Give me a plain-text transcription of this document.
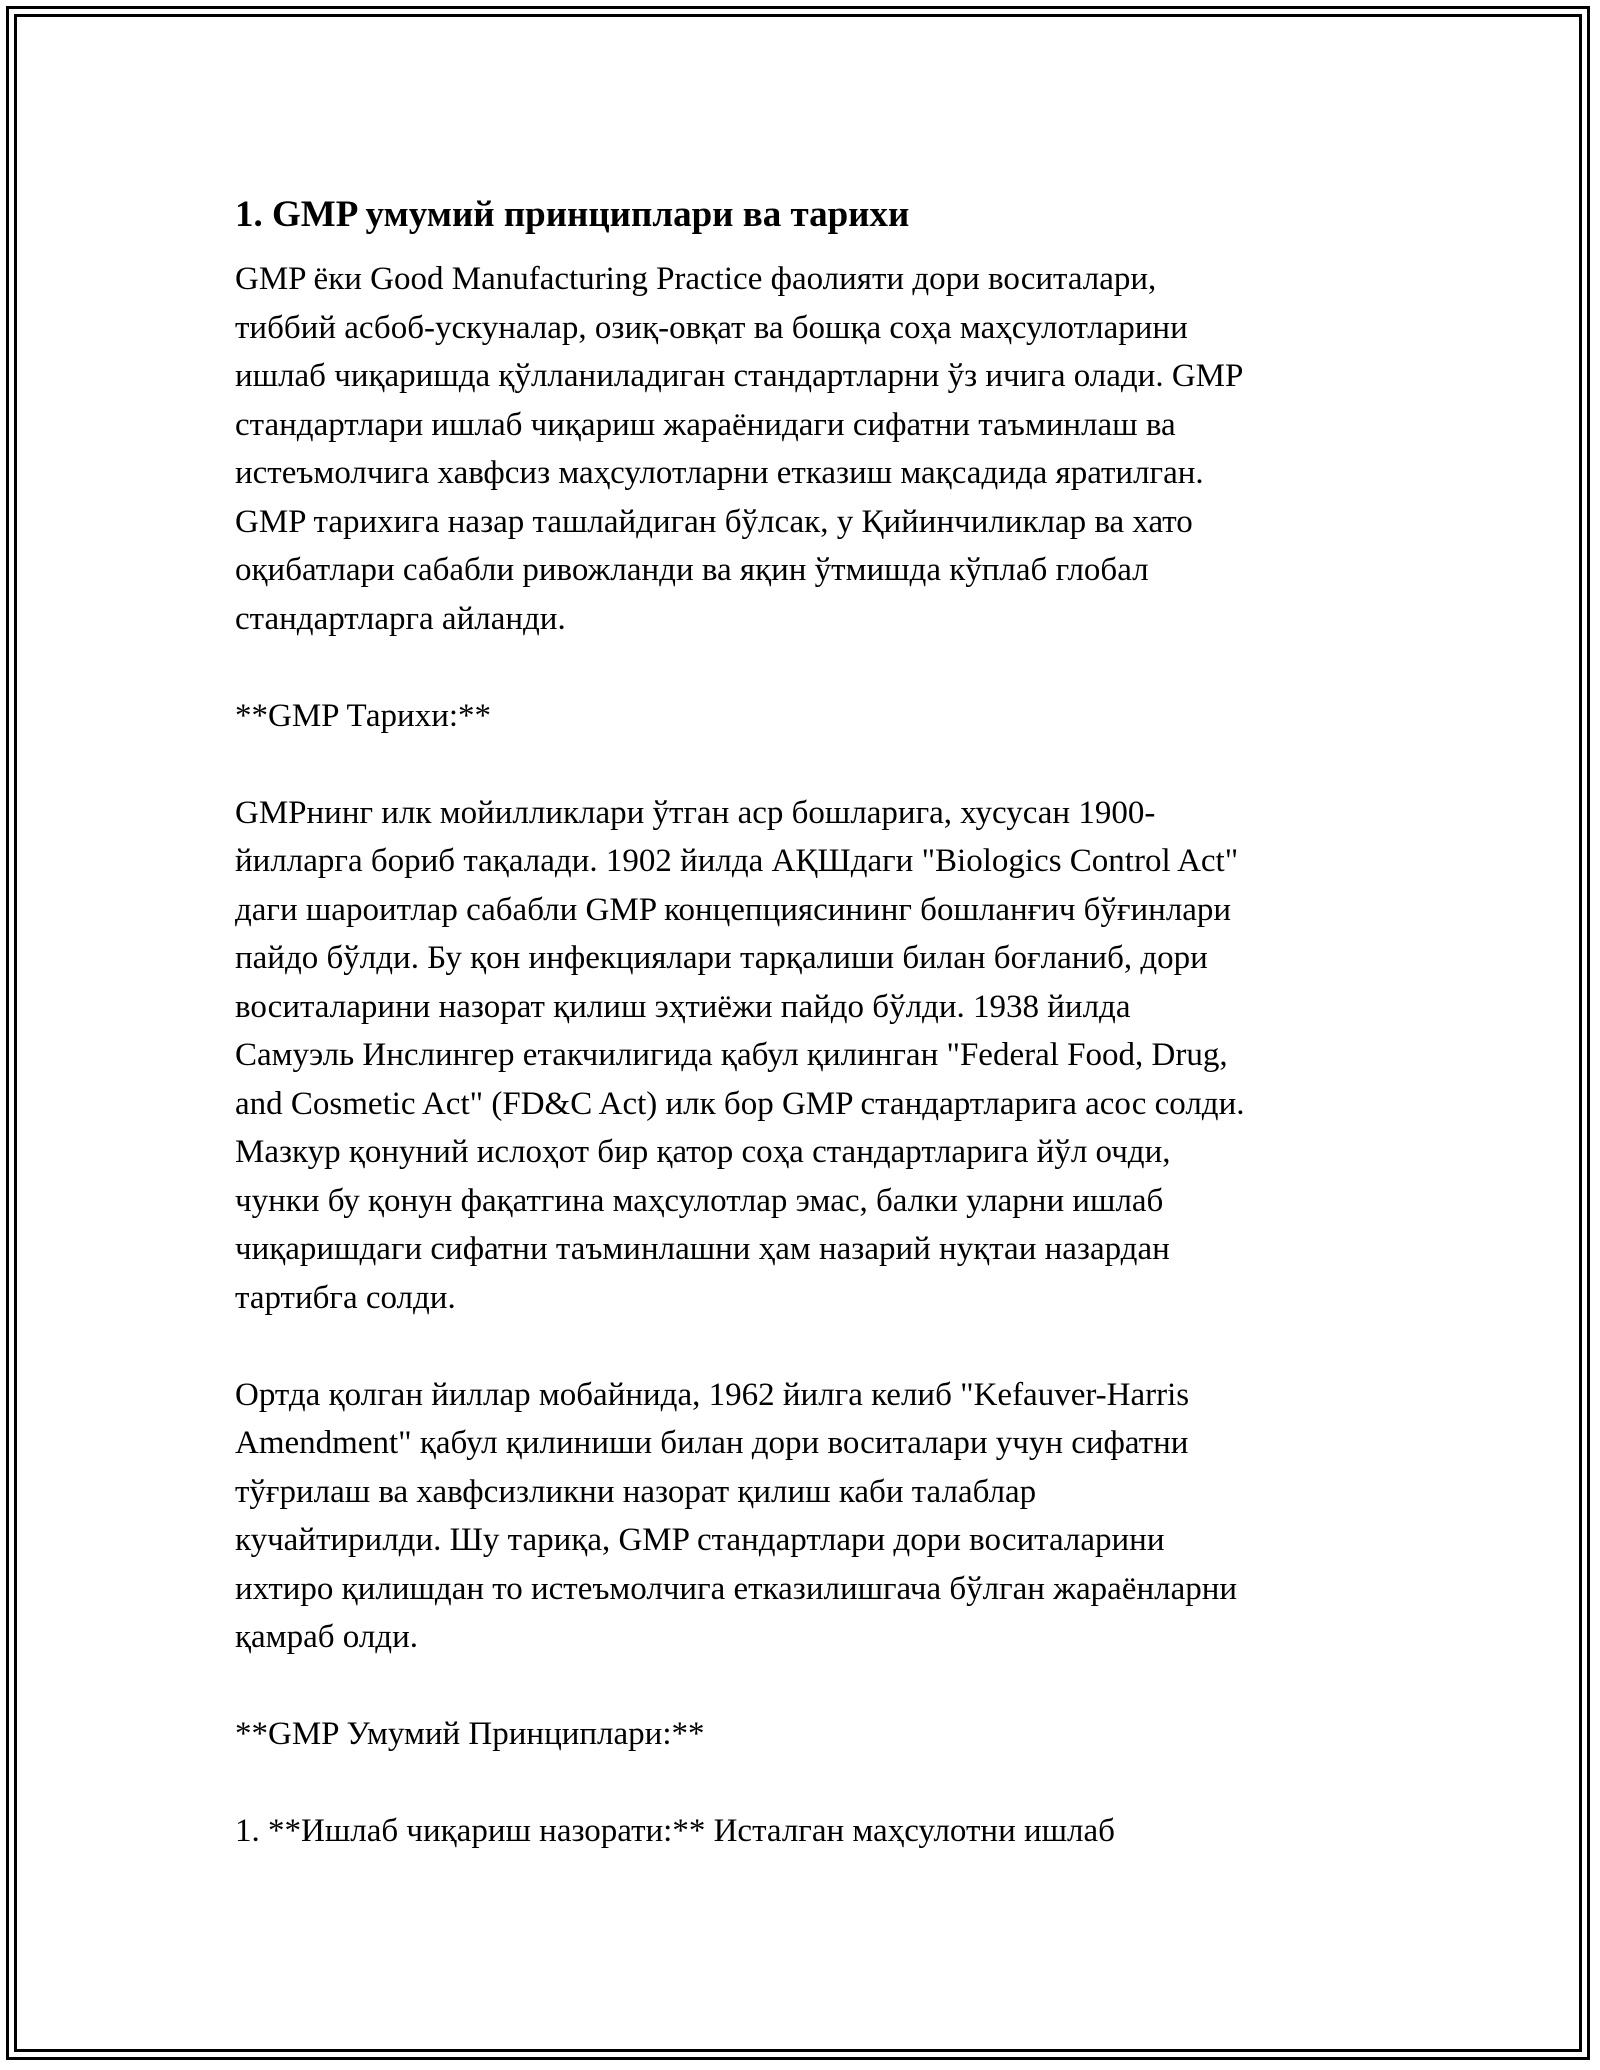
1. GMP умумий принциплари ва тарихи

GMP ёки Good Manufacturing Practice фаолияти дори воситалари,
тиббий асбоб-ускуналар, озиқ-овқат ва бошқа соҳа маҳсулотларини
ишлаб чиқаришда қўлланиладиган стандартларни ўз ичига олади. GMP
стандартлари ишлаб чиқариш жараёнидаги сифатни таъминлаш ва
истеъмолчига хавфсиз маҳсулотларни етказиш мақсадида яратилган.
GMP тарихига назар ташлайдиган бўлсак, у Қийинчиликлар ва хато
оқибатлари сабабли ривожланди ва яқин ўтмишда кўплаб глобал
стандартларга айланди.

**GMP Тарихи:**

GMPнинг илк мойилликлари ўтган аср бошларига, хусусан 1900-
йилларга бориб тақалади. 1902 йилда АҚШдаги "Biologics Control Act"
даги шароитлар сабабли GMP концепциясининг бошланғич бўғинлари
пайдо бўлди. Бу қон инфекциялари тарқалиши билан боғланиб, дори
воситаларини назорат қилиш эҳтиёжи пайдо бўлди. 1938 йилда
Самуэль Инслингер етакчилигида қабул қилинган "Federal Food, Drug,
and Cosmetic Act" (FD&C Act) илк бор GMP стандартларига асос солди.
Мазкур қонуний ислоҳот бир қатор соҳа стандартларига йўл очди,
чунки бу қонун фақатгина маҳсулотлар эмас, балки уларни ишлаб
чиқаришдаги сифатни таъминлашни ҳам назарий нуқтаи назардан
тартибга солди.

Ортда қолган йиллар мобайнида, 1962 йилга келиб "Kefauver-Harris
Amendment" қабул қилиниши билан дори воситалари учун сифатни
тўғрилаш ва хавфсизликни назорат қилиш каби талаблар
кучайтирилди. Шу тариқа, GMP стандартлари дори воситаларини
ихтиро қилишдан то истеъмолчига етказилишгача бўлган жараёнларни
қамраб олди.

**GMP Умумий Принциплари:**

1. **Ишлаб чиқариш назорати:** Исталган маҳсулотни ишлаб
